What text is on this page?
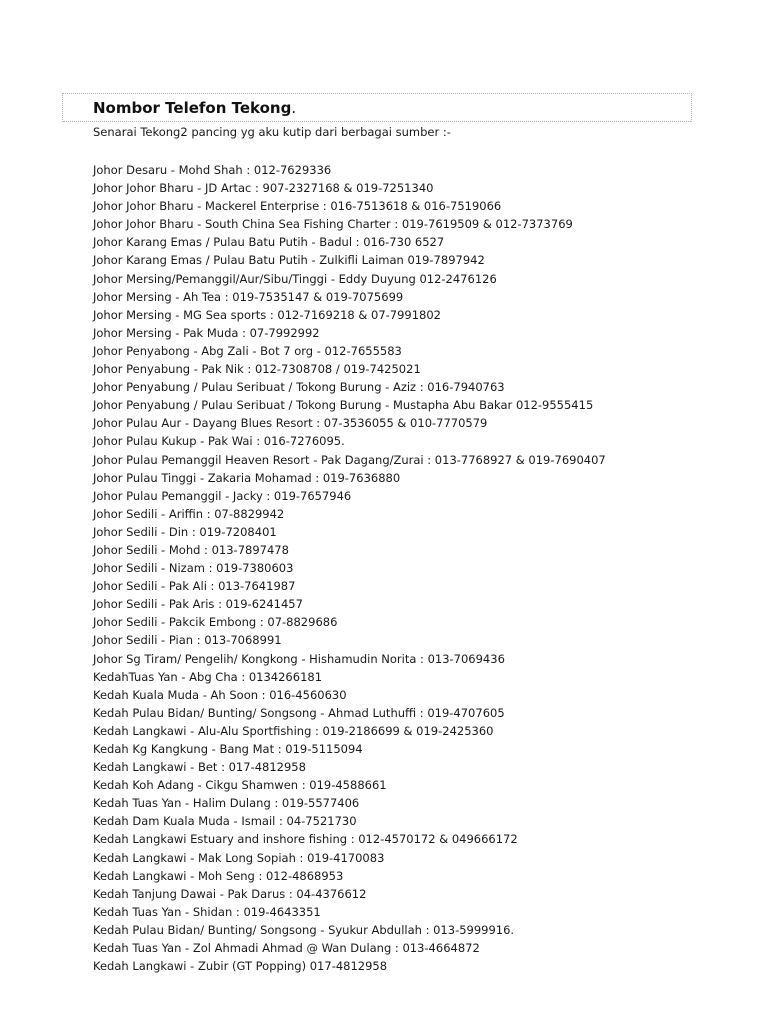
Nombor Telefon Tekong.
Senarai Tekong2 pancing yg aku kutip dari berbagai sumber :-
Johor Desaru - Mohd Shah : 012-7629336
Johor Johor Bharu - JD Artac : 907-2327168 & 019-7251340
Johor Johor Bharu - Mackerel Enterprise : 016-7513618 & 016-7519066
Johor Johor Bharu - South China Sea Fishing Charter : 019-7619509 & 012-7373769
Johor Karang Emas / Pulau Batu Putih - Badul : 016-730 6527
Johor Karang Emas / Pulau Batu Putih - Zulkifli Laiman 019-7897942
Johor Mersing/Pemanggil/Aur/Sibu/Tinggi - Eddy Duyung 012-2476126
Johor Mersing - Ah Tea : 019-7535147 & 019-7075699
Johor Mersing - MG Sea sports : 012-7169218 & 07-7991802
Johor Mersing - Pak Muda : 07-7992992
Johor Penyabong - Abg Zali - Bot 7 org - 012-7655583
Johor Penyabung - Pak Nik : 012-7308708 / 019-7425021
Johor Penyabung / Pulau Seribuat / Tokong Burung - Aziz : 016-7940763
Johor Penyabung / Pulau Seribuat / Tokong Burung - Mustapha Abu Bakar 012-9555415
Johor Pulau Aur - Dayang Blues Resort : 07-3536055 & 010-7770579
Johor Pulau Kukup - Pak Wai : 016-7276095.
Johor Pulau Pemanggil Heaven Resort - Pak Dagang/Zurai : 013-7768927 & 019-7690407
Johor Pulau Tinggi - Zakaria Mohamad : 019-7636880
Johor Pulau Pemanggil - Jacky : 019-7657946
Johor Sedili - Ariffin : 07-8829942
Johor Sedili - Din : 019-7208401
Johor Sedili - Mohd : 013-7897478
Johor Sedili - Nizam : 019-7380603
Johor Sedili - Pak Ali : 013-7641987
Johor Sedili - Pak Aris : 019-6241457
Johor Sedili - Pakcik Embong : 07-8829686
Johor Sedili - Pian : 013-7068991
Johor Sg Tiram/ Pengelih/ Kongkong - Hishamudin Norita : 013-7069436
KedahTuas Yan - Abg Cha : 0134266181
Kedah Kuala Muda - Ah Soon : 016-4560630
Kedah Pulau Bidan/ Bunting/ Songsong - Ahmad Luthuffi : 019-4707605
Kedah Langkawi - Alu-Alu Sportfishing : 019-2186699 & 019-2425360
Kedah Kg Kangkung - Bang Mat : 019-5115094
Kedah Langkawi - Bet : 017-4812958
Kedah Koh Adang - Cikgu Shamwen : 019-4588661
Kedah Tuas Yan - Halim Dulang : 019-5577406
Kedah Dam Kuala Muda - Ismail : 04-7521730
Kedah Langkawi Estuary and inshore fishing : 012-4570172 & 049666172
Kedah Langkawi - Mak Long Sopiah : 019-4170083
Kedah Langkawi - Moh Seng : 012-4868953
Kedah Tanjung Dawai - Pak Darus : 04-4376612
Kedah Tuas Yan - Shidan : 019-4643351
Kedah Pulau Bidan/ Bunting/ Songsong - Syukur Abdullah : 013-5999916.
Kedah Tuas Yan - Zol Ahmadi Ahmad @ Wan Dulang : 013-4664872
Kedah Langkawi - Zubir (GT Popping) 017-4812958
